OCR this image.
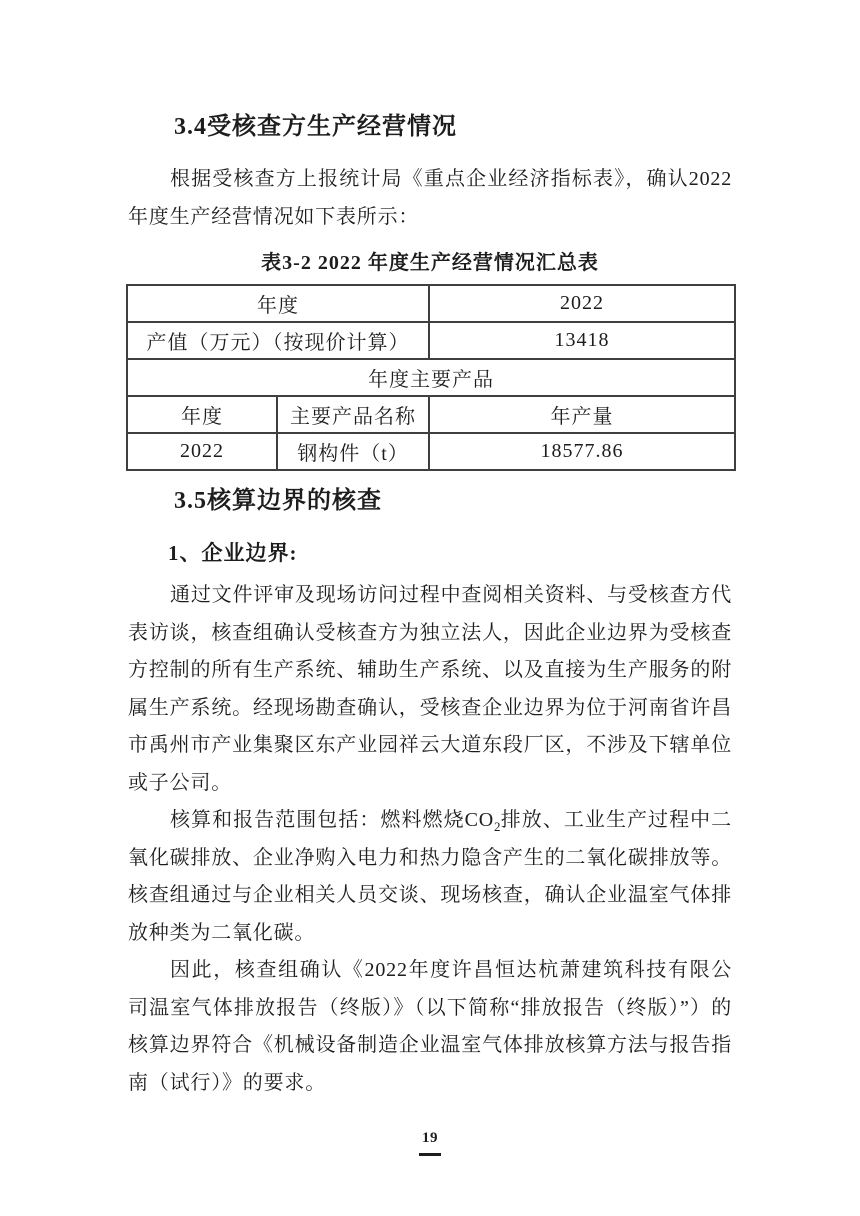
3.4受核查方生产经营情况

根据受核查方上报统计局《重点企业经济指标表》，确认2022年度生产经营情况如下表所示：

表3-2 2022 年度生产经营情况汇总表

年度		2022
产值（万元）（按现价计算）		13418
年度主要产品		
年度	主要产品名称	年产量
2022	钢构件（t）	18577.86
3.5核算边界的核查

1、企业边界:

通过文件评审及现场访问过程中查阅相关资料、与受核查方代表访谈，核查组确认受核查方为独立法人，因此企业边界为受核查方控制的所有生产系统、辅助生产系统、以及直接为生产服务的附属生产系统。经现场勘查确认，受核查企业边界为位于河南省许昌市禹州市产业集聚区东产业园祥云大道东段厂区，不涉及下辖单位或子公司。

核算和报告范围包括：燃料燃烧$CO_2$排放、工业生产过程中二氧化碳排放、企业净购入电力和热力隐含产生的二氧化碳排放等。核查组通过与企业相关人员交谈、现场核查，确认企业温室气体排放种类为二氧化碳。

因此，核查组确认《2022年度许昌恒达杭萧建筑科技有限公司温室气体排放报告（终版）》（以下简称“排放报告（终版）”）的核算边界符合《机械设备制造企业温室气体排放核算方法与报告指南（试行）》的要求。

19
